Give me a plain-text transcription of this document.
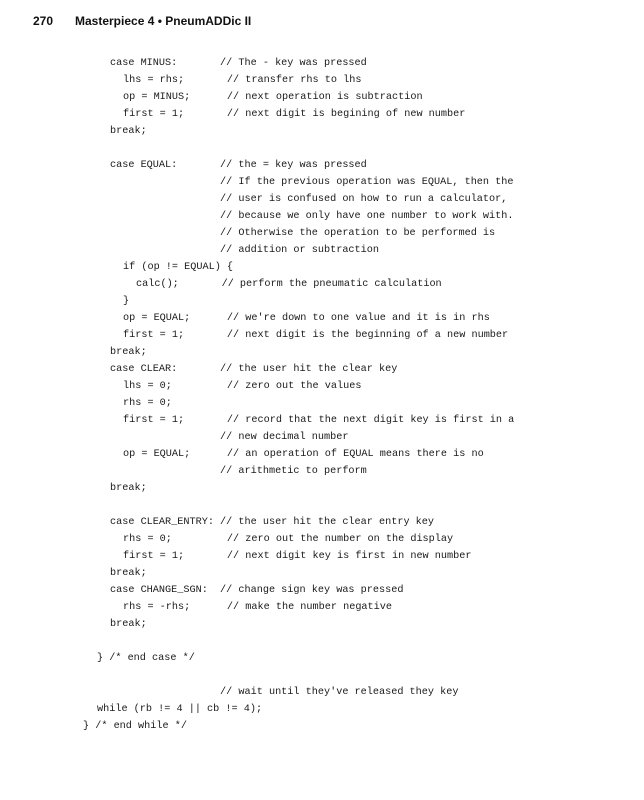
270 Masterpiece 4 • PneumADDic II
case MINUS:       // The - key was pressed
lhs = rhs;       // transfer rhs to lhs
op = MINUS;      // next operation is subtraction
first = 1;       // next digit is begining of new number
break;
case EQUAL:       // the = key was pressed
// If the previous operation was EQUAL, then the
// user is confused on how to run a calculator,
// because we only have one number to work with.
// Otherwise the operation to be performed is
// addition or subtraction
if (op != EQUAL) {
calc();       // perform the pneumatic calculation
}
op = EQUAL;      // we're down to one value and it is in rhs
first = 1;       // next digit is the beginning of a new number
break;
case CLEAR:       // the user hit the clear key
lhs = 0;         // zero out the values
rhs = 0;
first = 1;       // record that the next digit key is first in a
// new decimal number
op = EQUAL;      // an operation of EQUAL means there is no
// arithmetic to perform
break;
case CLEAR_ENTRY: // the user hit the clear entry key
rhs = 0;         // zero out the number on the display
first = 1;       // next digit key is first in new number
break;
case CHANGE_SGN:  // change sign key was pressed
rhs = -rhs;      // make the number negative
break;
} /* end case */
// wait until they've released they key
while (rb != 4 || cb != 4);
} /* end while */
